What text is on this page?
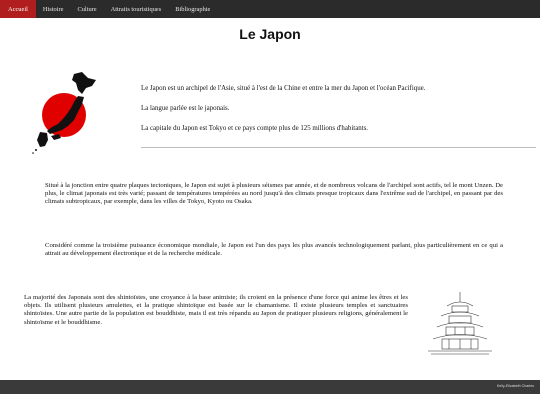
Accueil	Histoire	Culture	Attraits touristiques	Bibliographie
Le Japon

Le Japon est un archipel de l'Asie, situé à l'est de la Chine et entre la mer du Japon et l'océan Pacifique.

La langue parlée est le japonais.

La capitale du Japon est Tokyo et ce pays compte plus de 125 millions d'habitants.

Situé à la jonction entre quatre plaques tectoniques, le Japon est sujet à plusieurs séismes par année, et de nombreux volcans de l'archipel sont actifs, tel le mont Unzen. De plus, le climat japonais est très varié; passant de températures tempérées au nord jusqu'à des climats presque tropicaux dans l'extrême sud de l'archipel, en passant par des climats subtropicaux, par exemple, dans les villes de Tokyo, Kyoto ou Osaka.

Considéré comme la troisième puissance économique mondiale, le Japon est l'un des pays les plus avancés technologiquement parlant, plus particulièrement en ce qui a attrait au développement électronique et de la recherche médicale.

La majorité des Japonais sont des shintoïstes, une croyance à la base animiste; ils croient en la présence d'une force qui anime les êtres et les objets. Ils utilisent plusieurs amulettes, et la pratique shintoïque est basée sur le chamanisme. Il existe plusieurs temples et sanctuaires shintoïstes. Une autre partie de la population est bouddhiste, mais il est très répandu au Japon de pratiquer plusieurs religions, généralement le shintoïsme et le bouddhisme.

Kelly-Elizabeth Charles
